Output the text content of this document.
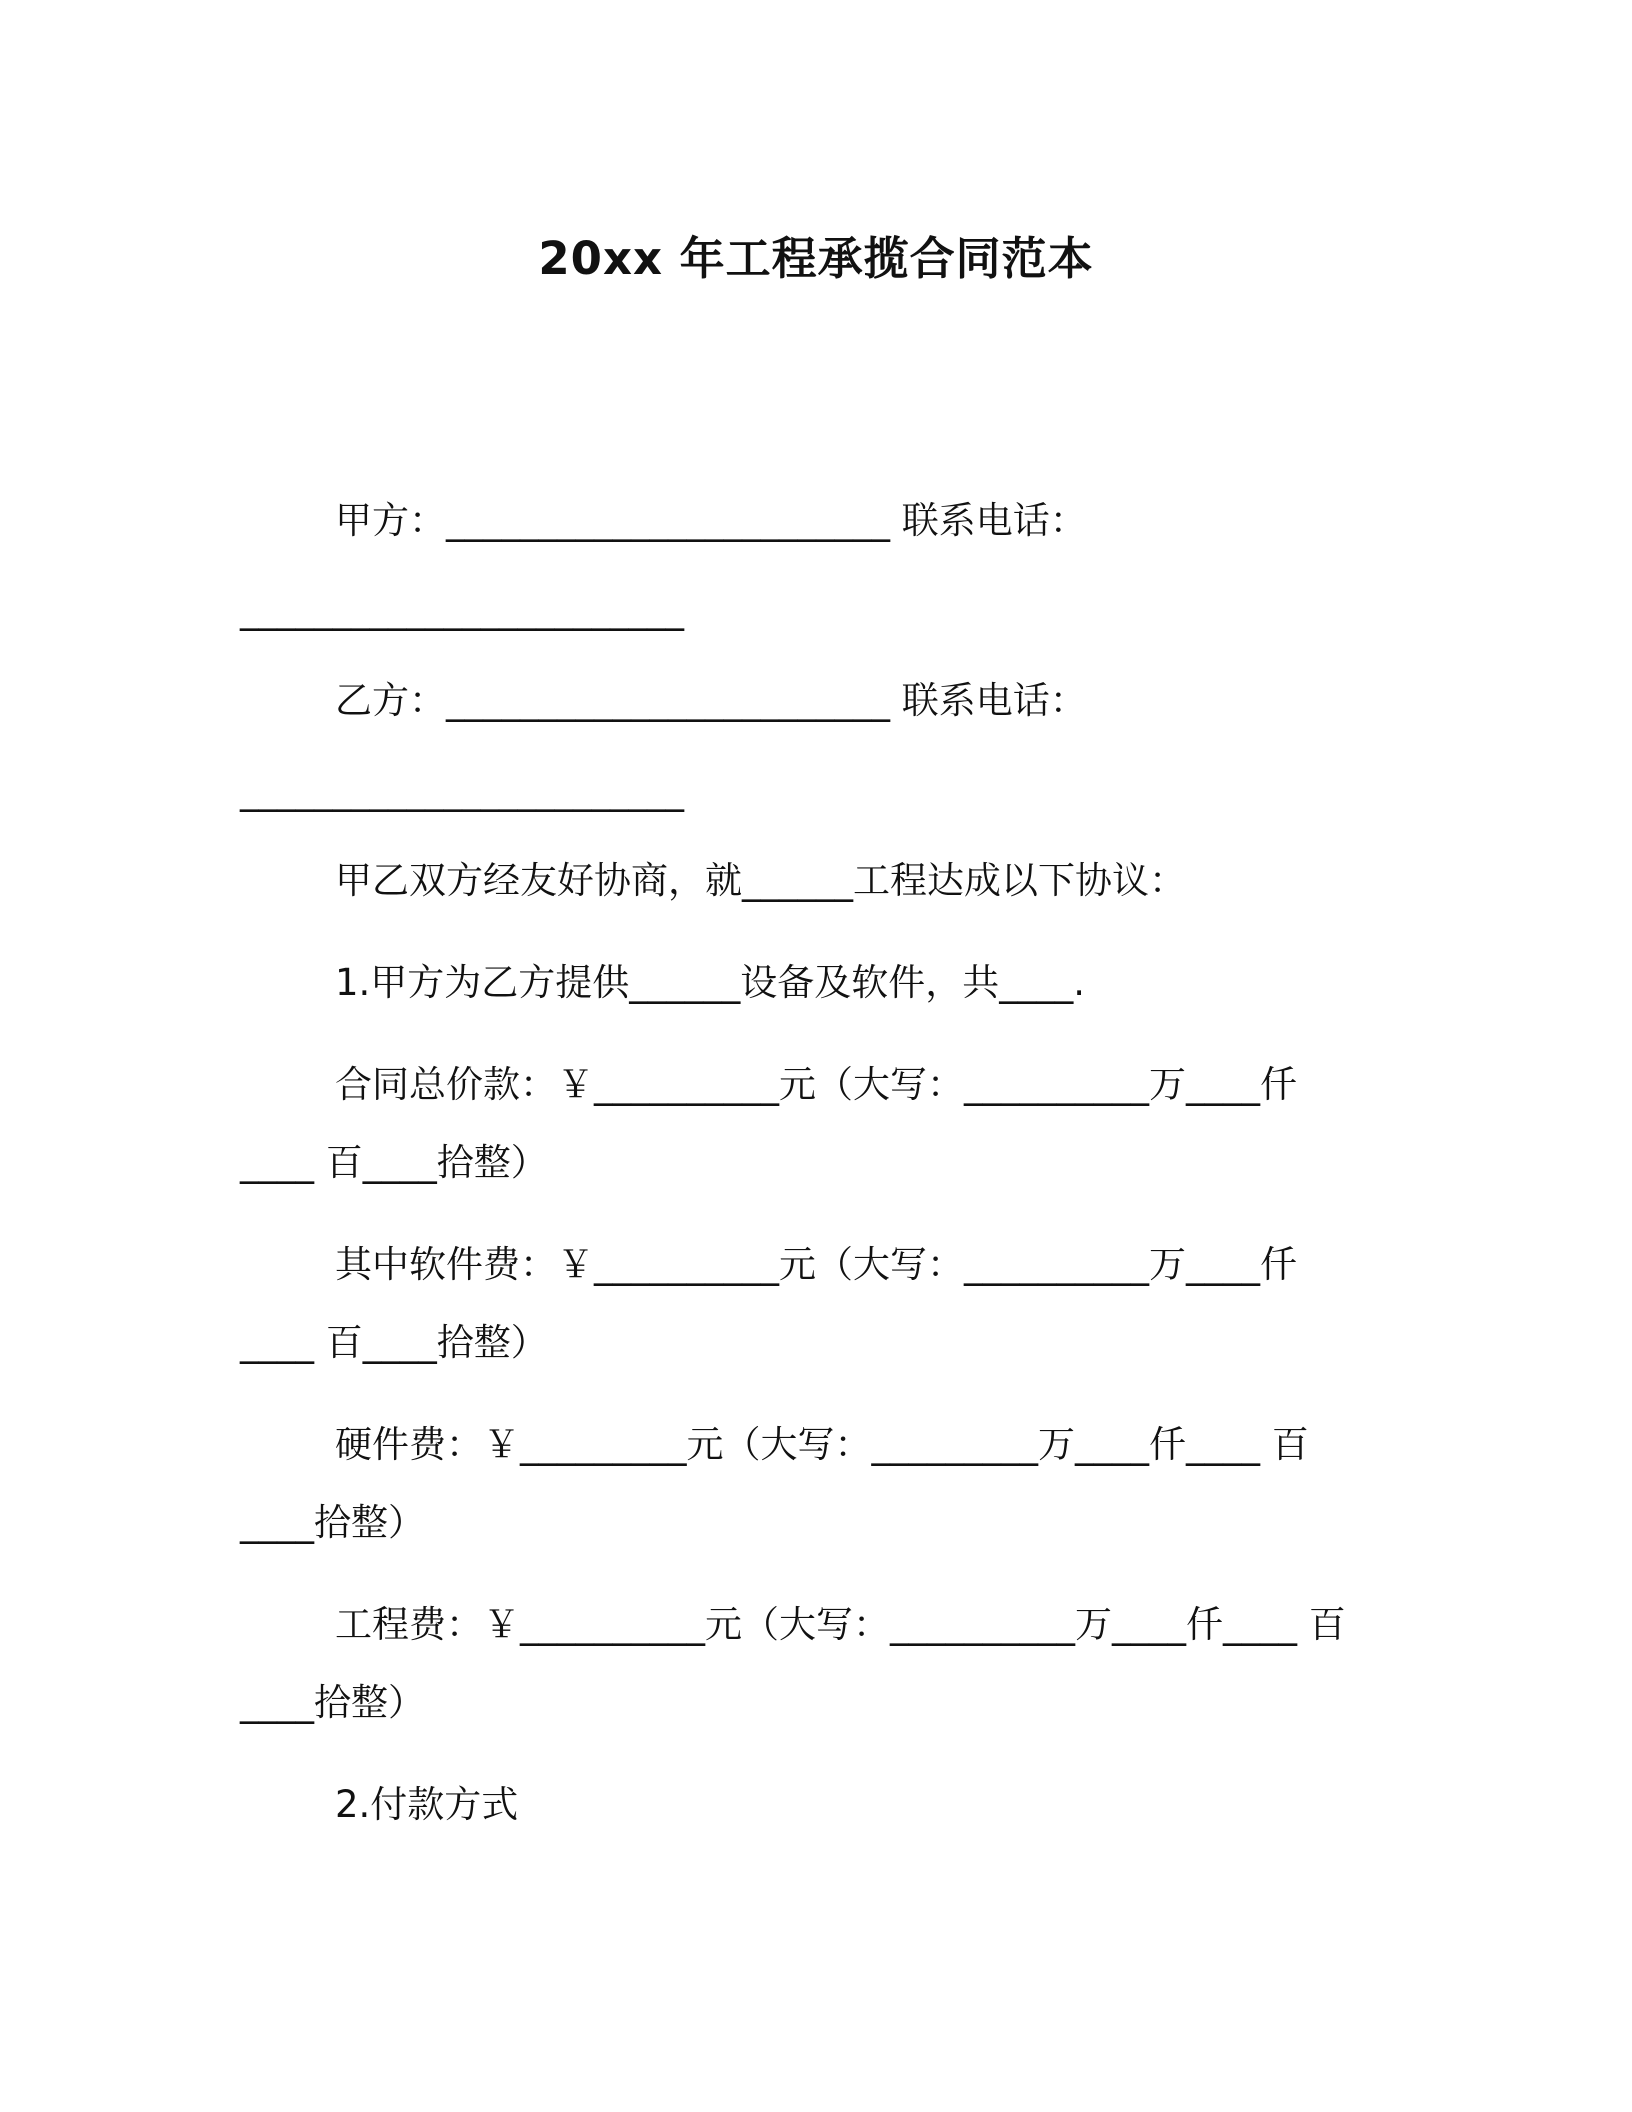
20xx 年工程承揽合同范本
甲方：________________________ 联系电话：
________________________
乙方：________________________ 联系电话：
________________________
甲乙双方经友好协商，就______工程达成以下协议：
1.甲方为乙方提供______设备及软件，共____.
合同总价款：￥__________元（大写：__________万____仟
____ 百____拾整）
其中软件费：￥__________元（大写：__________万____仟
____ 百____拾整）
硬件费：￥_________元（大写：_________万____仟____ 百
____拾整）
工程费：￥__________元（大写：__________万____仟____ 百
____拾整）
2.付款方式
